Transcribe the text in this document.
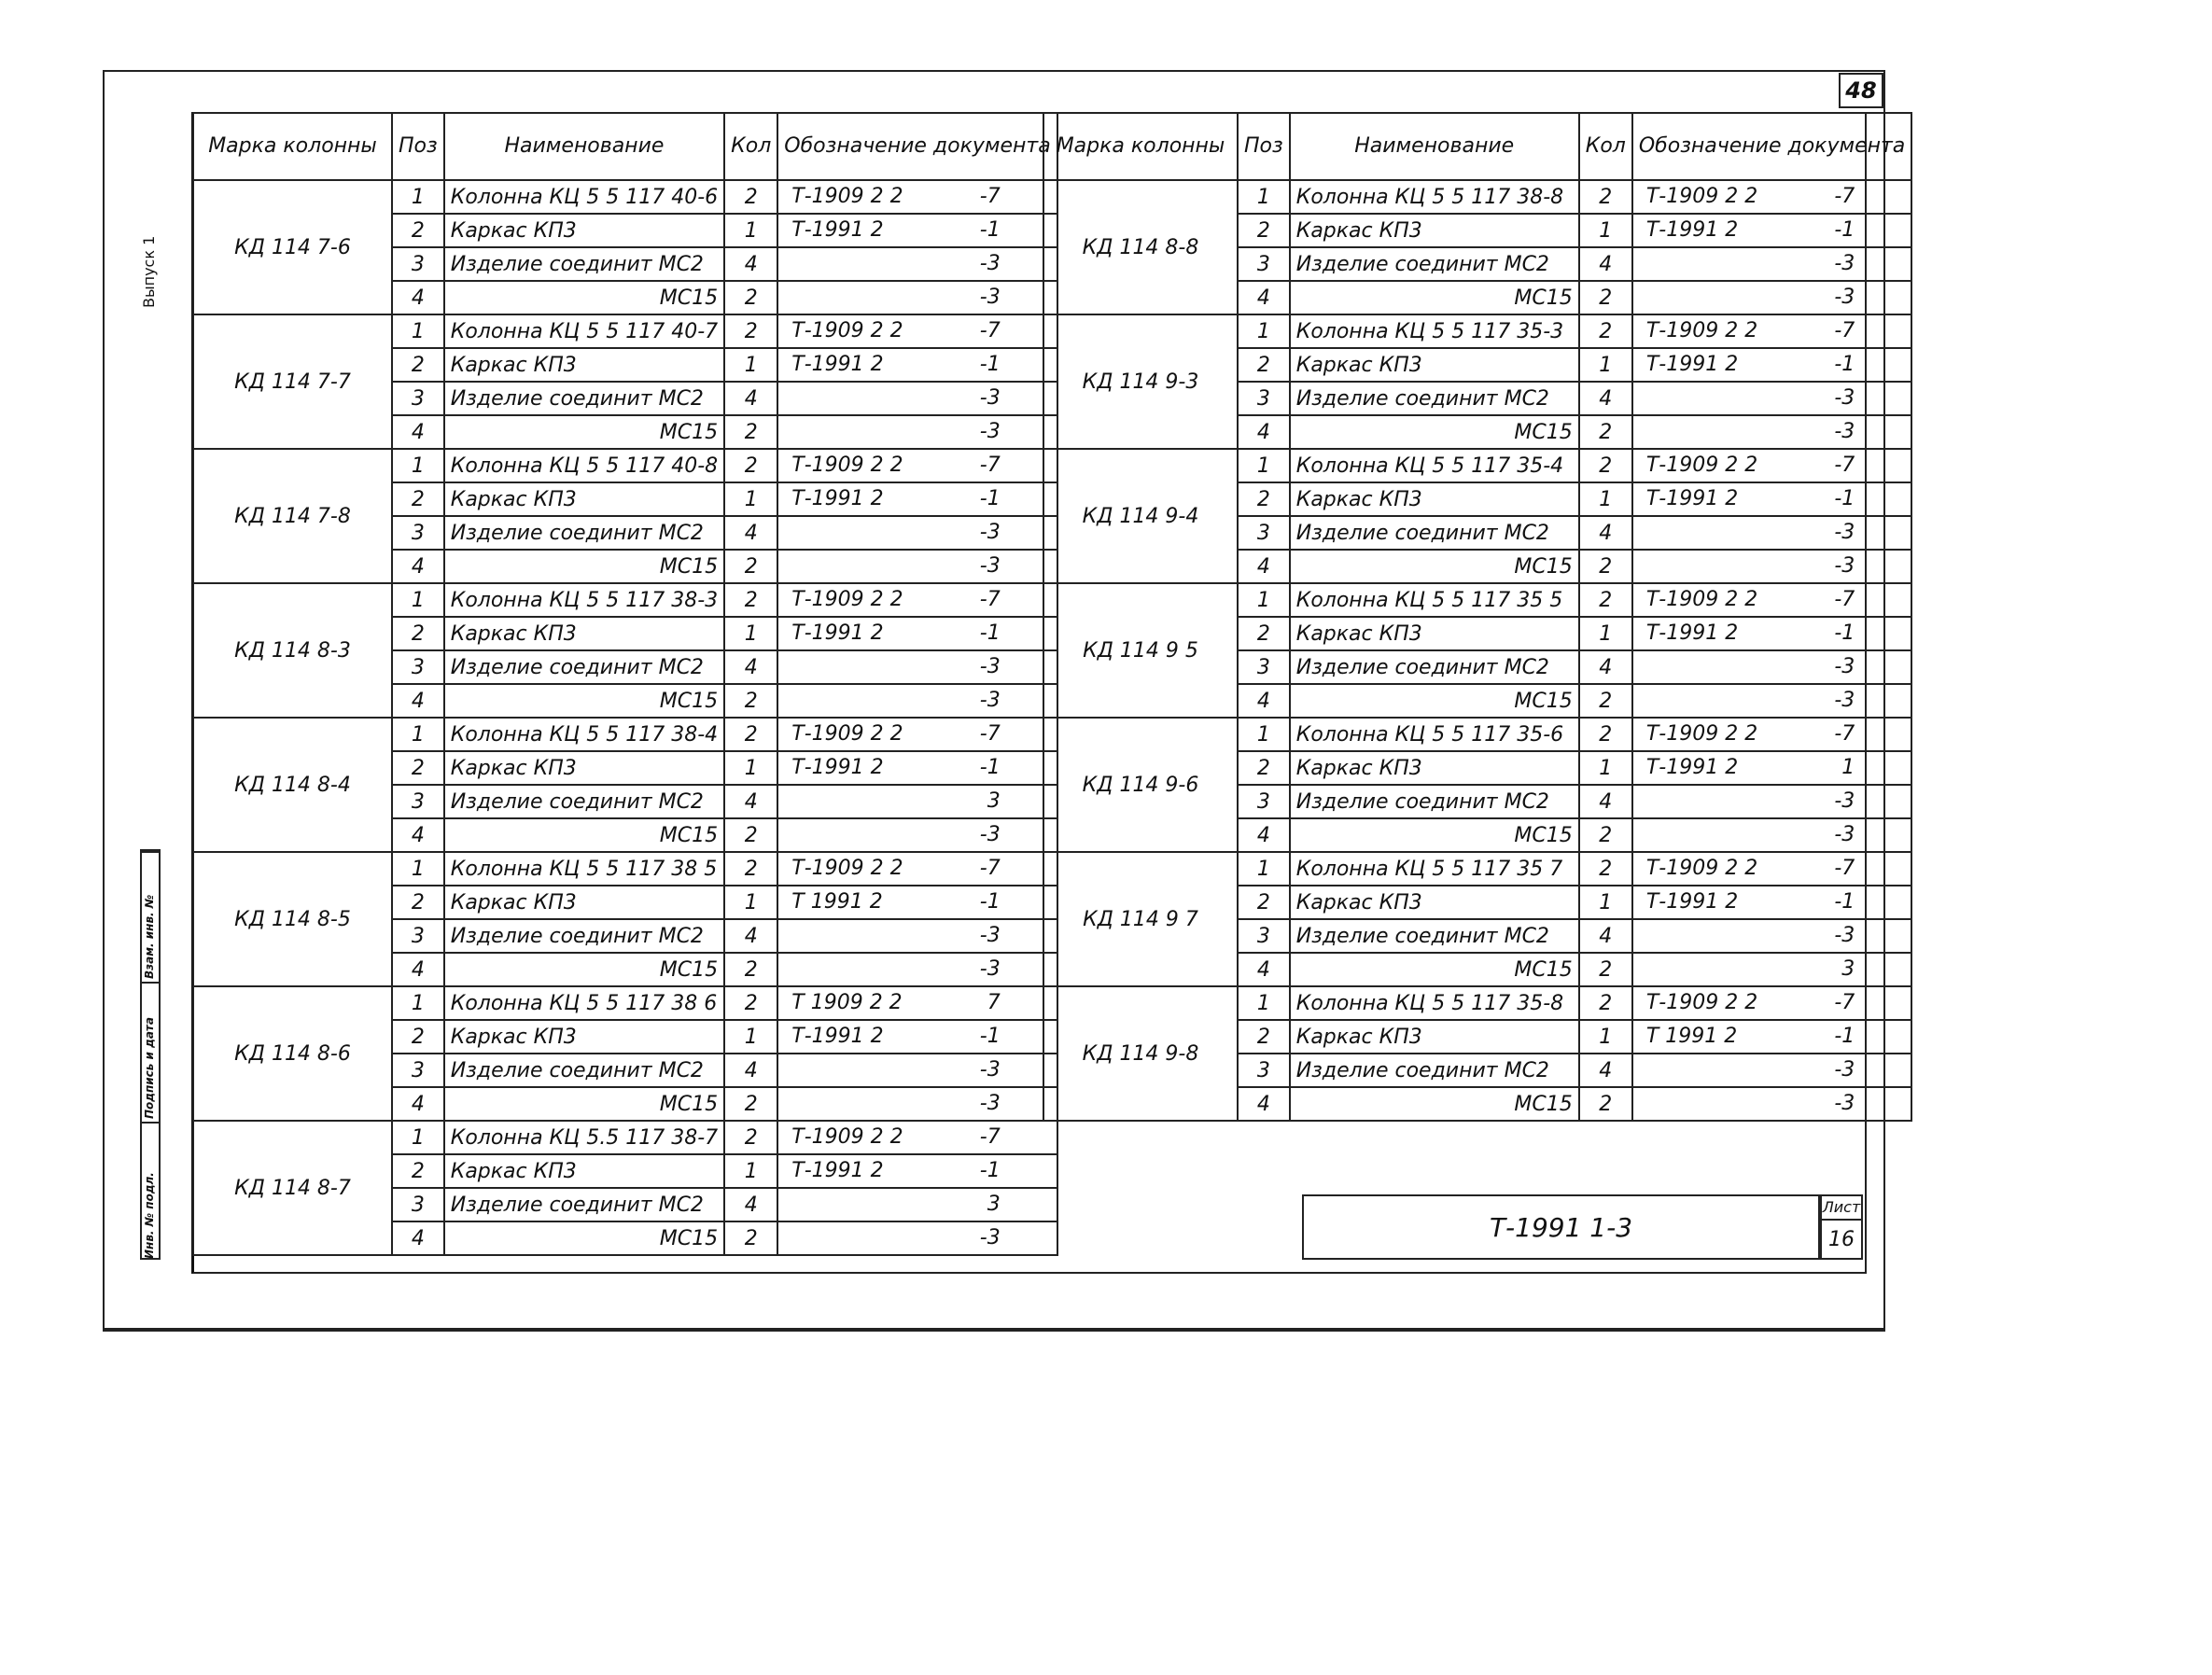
48
Выпуск 1
Взам. инв. №
Подпись и дата
Инв. № подл.
Марка колонны	Поз	Наименование	Кол	Обозначение документа
КД 114 7-6	1	Колонна КЦ 5 5 117 40-6	2	Т-1909 2 2 -7

	2	Каркас КП3	1	Т-1991 2 -1

	3	Изделие соединит МС2	4	-3

	4	МС15	2	-3

КД 114 7-7	1	Колонна КЦ 5 5 117 40-7	2	Т-1909 2 2 -7

	2	Каркас КП3	1	Т-1991 2 -1

	3	Изделие соединит МС2	4	-3

	4	МС15	2	-3

КД 114 7-8	1	Колонна КЦ 5 5 117 40-8	2	Т-1909 2 2 -7

	2	Каркас КП3	1	Т-1991 2 -1

	3	Изделие соединит МС2	4	-3

	4	МС15	2	-3

КД 114 8-3	1	Колонна КЦ 5 5 117 38-3	2	Т-1909 2 2 -7

	2	Каркас КП3	1	Т-1991 2 -1

	3	Изделие соединит МС2	4	-3

	4	МС15	2	-3

КД 114 8-4	1	Колонна КЦ 5 5 117 38-4	2	Т-1909 2 2 -7

	2	Каркас КП3	1	Т-1991 2 -1

	3	Изделие соединит МС2	4	3

	4	МС15	2	-3

КД 114 8-5	1	Колонна КЦ 5 5 117 38 5	2	Т-1909 2 2 -7

	2	Каркас КП3	1	Т 1991 2 -1

	3	Изделие соединит МС2	4	-3

	4	МС15	2	-3

КД 114 8-6	1	Колонна КЦ 5 5 117 38 6	2	Т 1909 2 2 7

	2	Каркас КП3	1	Т-1991 2 -1

	3	Изделие соединит МС2	4	-3

	4	МС15	2	-3

КД 114 8-7	1	Колонна КЦ 5.5 117 38-7	2	Т-1909 2 2 -7

	2	Каркас КП3	1	Т-1991 2 -1

	3	Изделие соединит МС2	4	3

	4	МС15	2	-3
Марка колонны	Поз	Наименование	Кол	Обозначение документа
КД 114 8-8	1	Колонна КЦ 5 5 117 38-8	2	Т-1909 2 2 -7

	2	Каркас КП3	1	Т-1991 2 -1

	3	Изделие соединит МС2	4	-3

	4	МС15	2	-3

КД 114 9-3	1	Колонна КЦ 5 5 117 35-3	2	Т-1909 2 2 -7

	2	Каркас КП3	1	Т-1991 2 -1

	3	Изделие соединит МС2	4	-3

	4	МС15	2	-3

КД 114 9-4	1	Колонна КЦ 5 5 117 35-4	2	Т-1909 2 2 -7

	2	Каркас КП3	1	Т-1991 2 -1

	3	Изделие соединит МС2	4	-3

	4	МС15	2	-3

КД 114 9 5	1	Колонна КЦ 5 5 117 35 5	2	Т-1909 2 2 -7

	2	Каркас КП3	1	Т-1991 2 -1

	3	Изделие соединит МС2	4	-3

	4	МС15	2	-3

КД 114 9-6	1	Колонна КЦ 5 5 117 35-6	2	Т-1909 2 2 -7

	2	Каркас КП3	1	Т-1991 2 1

	3	Изделие соединит МС2	4	-3

	4	МС15	2	-3

КД 114 9 7	1	Колонна КЦ 5 5 117 35 7	2	Т-1909 2 2 -7

	2	Каркас КП3	1	Т-1991 2 -1

	3	Изделие соединит МС2	4	-3

	4	МС15	2	3

КД 114 9-8	1	Колонна КЦ 5 5 117 35-8	2	Т-1909 2 2 -7

	2	Каркас КП3	1	Т 1991 2 -1

	3	Изделие соединит МС2	4	-3

	4	МС15	2	-3
Т-1991 1-3
Лист
16
